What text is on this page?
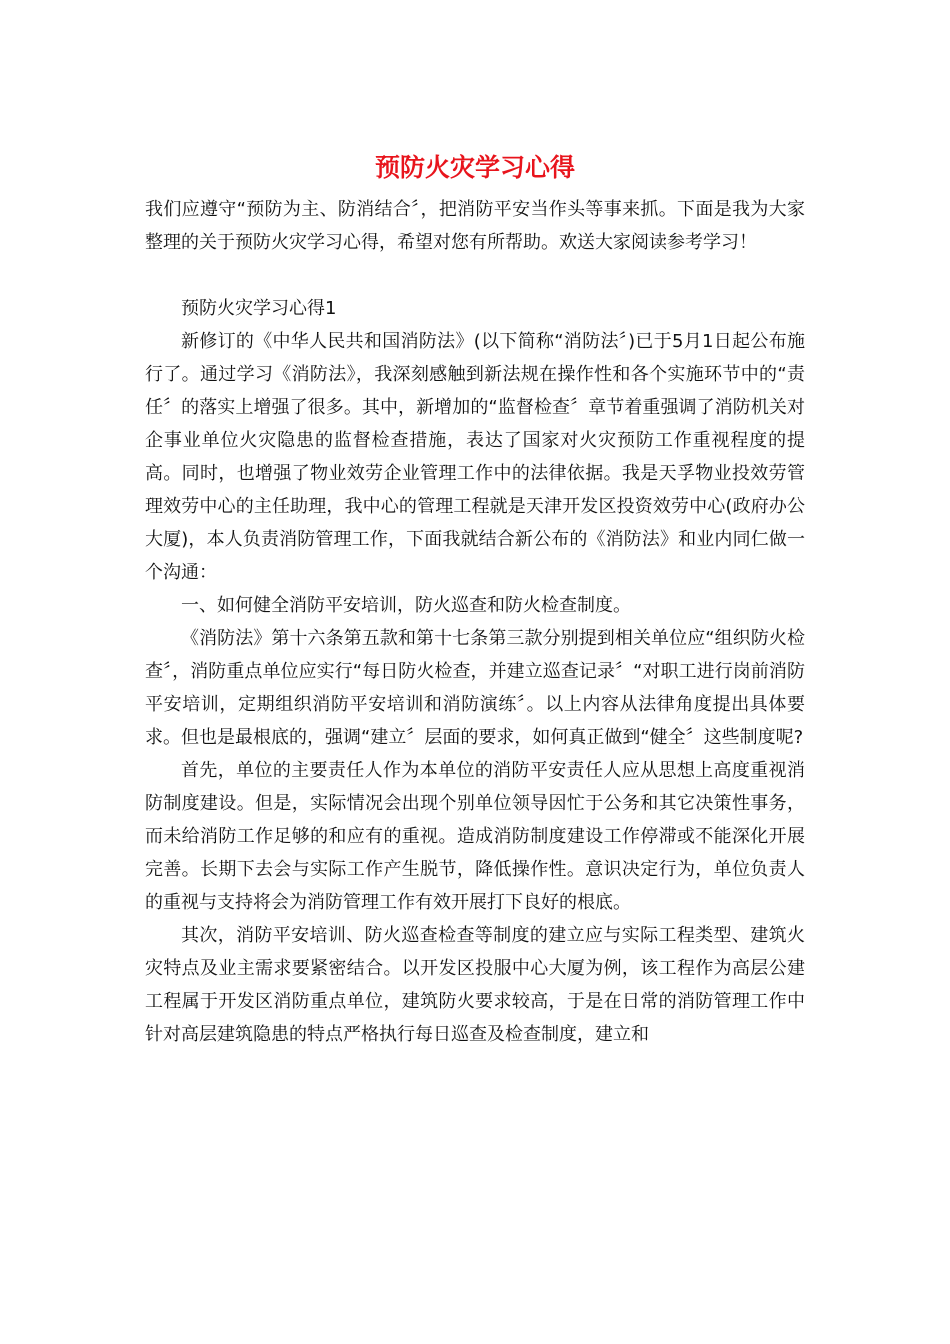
预防火灾学习心得

我们应遵守“预防为主、防消结合〞，把消防平安当作头等事来抓。下面是我为大家整理的关于预防火灾学习心得，希望对您有所帮助。欢送大家阅读参考学习！

预防火灾学习心得1

新修订的《中华人民共和国消防法》(以下简称“消防法〞)已于5月1日起公布施行了。通过学习《消防法》，我深刻感触到新法规在操作性和各个实施环节中的“责任〞的落实上增强了很多。其中，新增加的“监督检查〞章节着重强调了消防机关对企事业单位火灾隐患的监督检查措施，表达了国家对火灾预防工作重视程度的提高。同时，也增强了物业效劳企业管理工作中的法律依据。我是天孚物业投效劳管理效劳中心的主任助理，我中心的管理工程就是天津开发区投资效劳中心(政府办公大厦)，本人负责消防管理工作，下面我就结合新公布的《消防法》和业内同仁做一个沟通：

一、如何健全消防平安培训，防火巡查和防火检查制度。

《消防法》第十六条第五款和第十七条第三款分别提到相关单位应“组织防火检查〞，消防重点单位应实行“每日防火检查，并建立巡查记录〞“对职工进行岗前消防平安培训，定期组织消防平安培训和消防演练〞。以上内容从法律角度提出具体要求。但也是最根底的，强调“建立〞层面的要求，如何真正做到“健全〞这些制度呢?

首先，单位的主要责任人作为本单位的消防平安责任人应从思想上高度重视消防制度建设。但是，实际情况会出现个别单位领导因忙于公务和其它决策性事务，而未给消防工作足够的和应有的重视。造成消防制度建设工作停滞或不能深化开展完善。长期下去会与实际工作产生脱节，降低操作性。意识决定行为，单位负责人的重视与支持将会为消防管理工作有效开展打下良好的根底。

其次，消防平安培训、防火巡查检查等制度的建立应与实际工程类型、建筑火灾特点及业主需求要紧密结合。以开发区投服中心大厦为例，该工程作为高层公建工程属于开发区消防重点单位，建筑防火要求较高，于是在日常的消防管理工作中针对高层建筑隐患的特点严格执行每日巡查及检查制度，建立和
